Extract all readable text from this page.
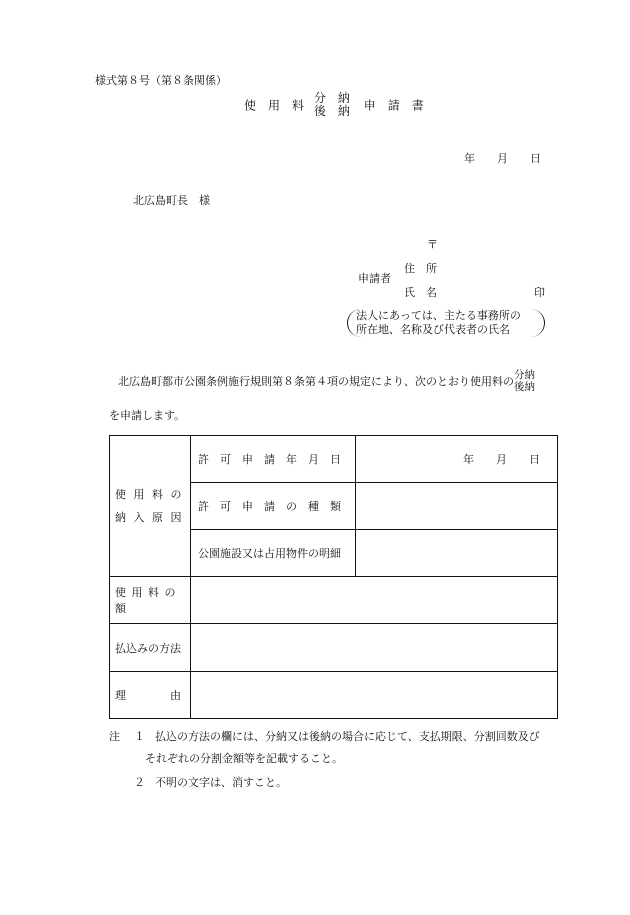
様式第８号（第８条関係）
使　用　料
分　納
後　納 申　請　書
年　　月　　日
北広島町長　様
〒
申請者
住　所
氏　名	印
法人にあっては、主たる事務所の
所在地、名称及び代表者の氏名
北広島町都市公園条例施行規則第８条第４項の規定により、次のとおり使用料の 分納
後納
を申請します。
使 用 料 の
納 入 原 因	許　可　申　請　年　月　日	年　　月　　日
	許　可　申　請　の　種　類	
	公園施設又は占用物件の明細	
使 用 料 の 額		
払込みの方法		
理　　　　由		
注 １ 払込の方法の欄には、分納又は後納の場合に応じて、支払期限、分割回数及び
それぞれの分割金額等を記載すること。
２ 不明の文字は、消すこと。
